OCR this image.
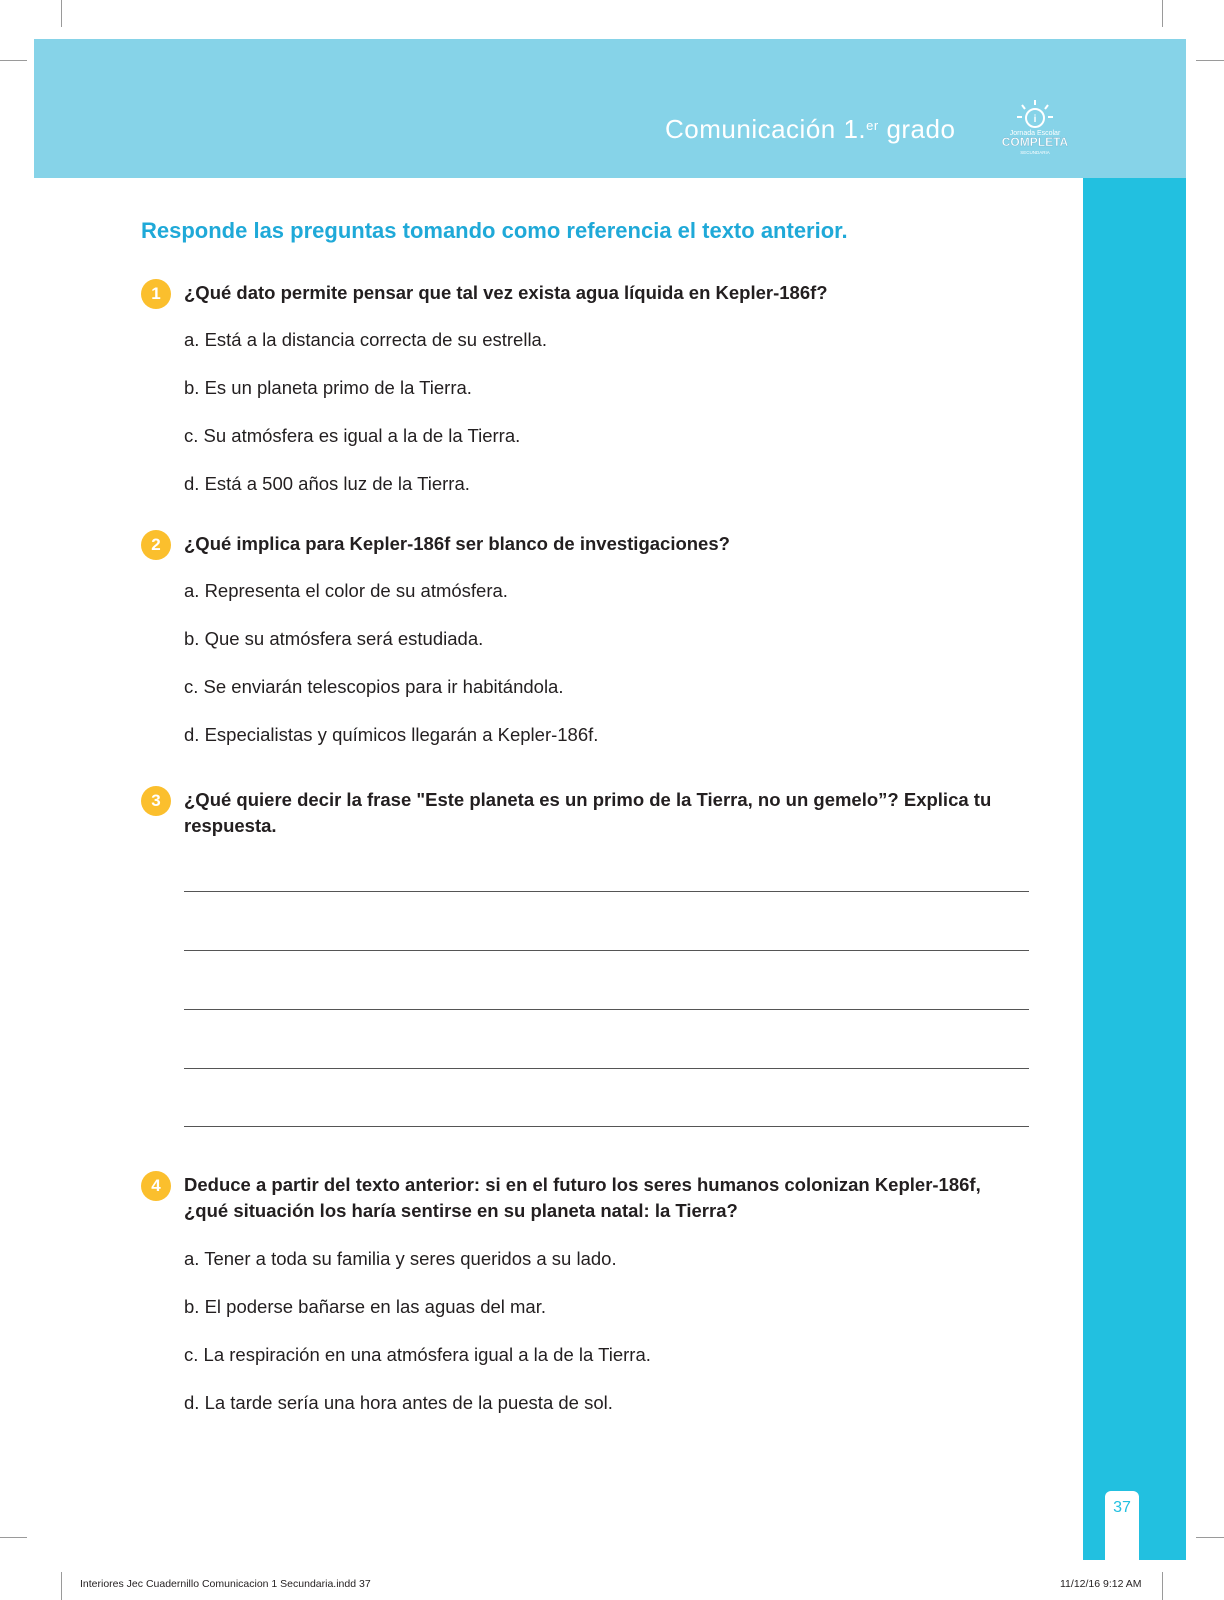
Comunicación 1.$^{er}$ grado	i
Jornada Escolar
COMPLETA
SECUNDARIA
37
Responde las preguntas tomando como referencia el texto anterior.
1	¿Qué dato permite pensar que tal vez exista agua líquida en Kepler-186f?
a. Está a la distancia correcta de su estrella.
b. Es un planeta primo de la Tierra.
c. Su atmósfera es igual a la de la Tierra.
d. Está a 500 años luz de la Tierra.
2	¿Qué implica para Kepler-186f ser blanco de investigaciones?
a. Representa el color de su atmósfera.
b. Que su atmósfera será estudiada.
c. Se enviarán telescopios para ir habitándola.
d. Especialistas y químicos llegarán a Kepler-186f.
3	¿Qué quiere decir la frase "Este planeta es un primo de la Tierra, no un gemelo”? Explica tu respuesta.
4	Deduce a partir del texto anterior: si en el futuro los seres humanos colonizan Kepler-186f, ¿qué situación los haría sentirse en su planeta natal: la Tierra?
a. Tener a toda su familia y seres queridos a su lado.
b. El poderse bañarse en las aguas del mar.
c. La respiración en una atmósfera igual a la de la Tierra.
d. La tarde sería una hora antes de la puesta de sol.
Interiores Jec Cuadernillo Comunicacion 1 Secundaria.indd 37	11/12/16 9:12 AM
